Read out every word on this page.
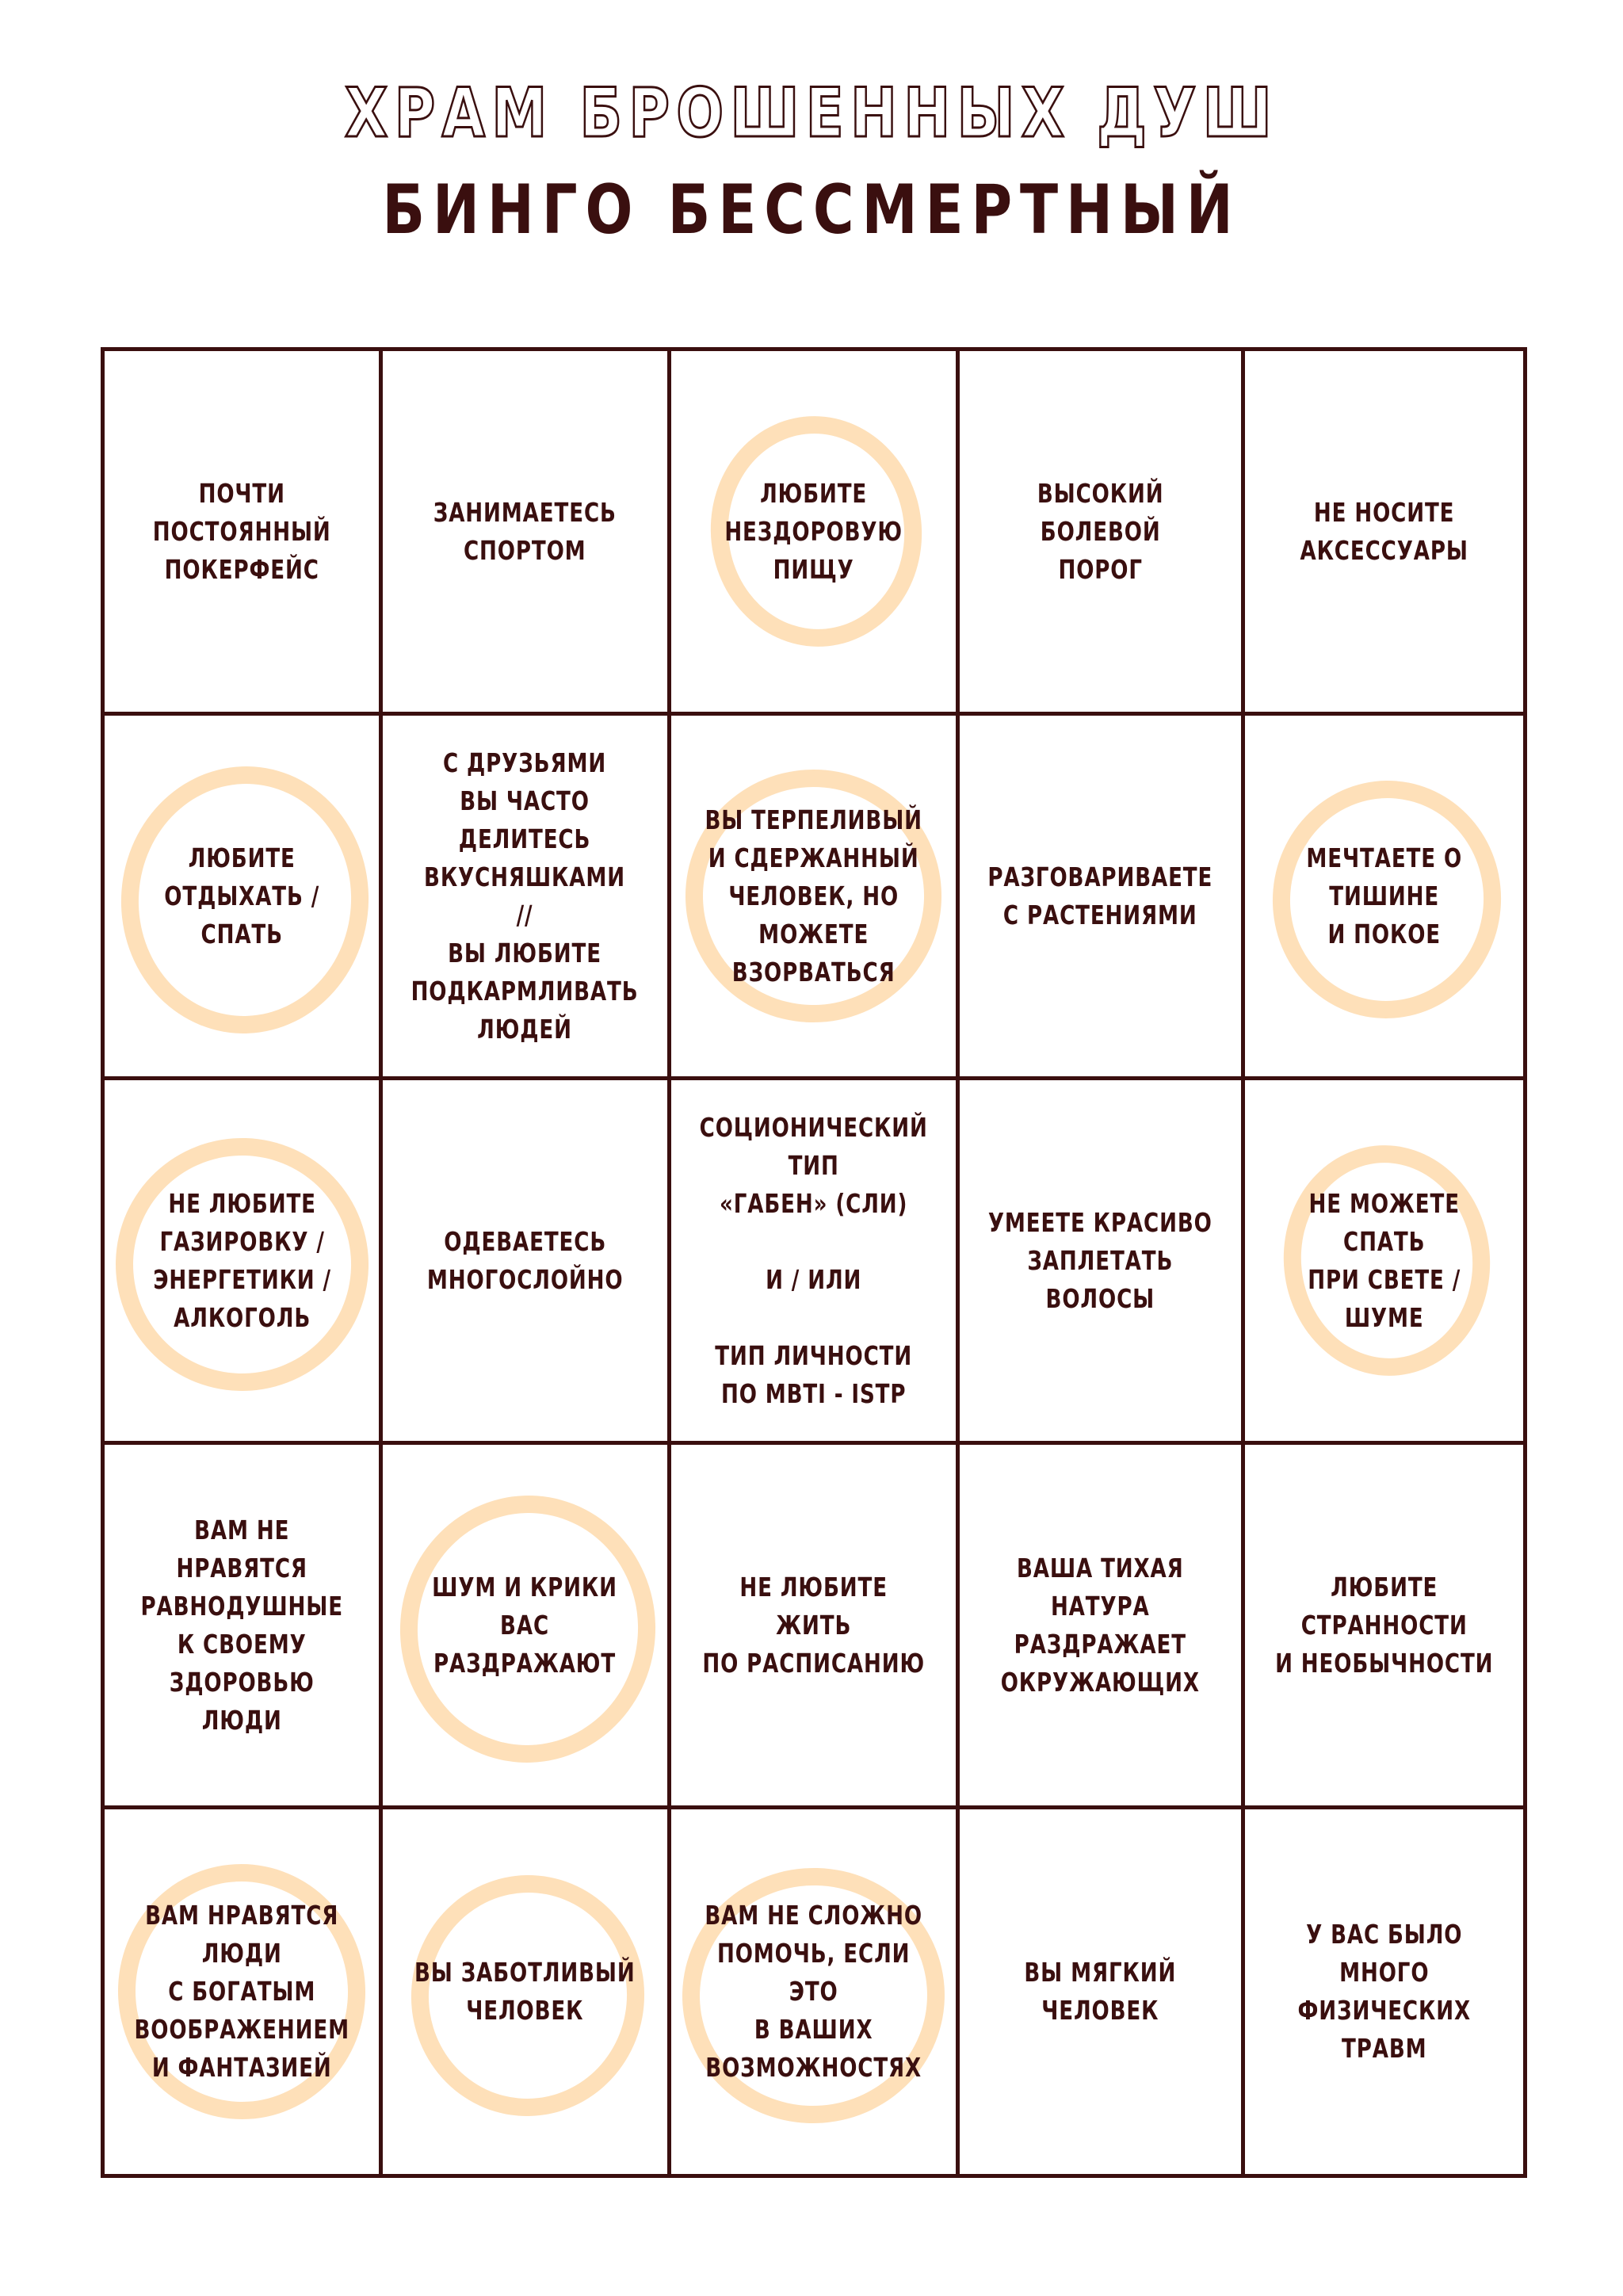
ХРАМ БРОШЕННЫХ ДУШ
БИНГО БЕССМЕРТНЫЙ
ПОЧТИ ПОСТОЯННЫЙ
ПОКЕРФЕЙС
ЗАНИМАЕТЕСЬ
СПОРТОМ
ЛЮБИТЕ
НЕЗДОРОВУЮ
ПИЩУ
ВЫСОКИЙ
БОЛЕВОЙ
ПОРОГ
НЕ НОСИТЕ
АКСЕССУАРЫ
ЛЮБИТЕ
ОТДЫХАТЬ / СПАТЬ
С ДРУЗЬЯМИ
ВЫ ЧАСТО ДЕЛИТЕСЬ
ВКУСНЯШКАМИ
//
ВЫ ЛЮБИТЕ
ПОДКАРМЛИВАТЬ
ЛЮДЕЙ
ВЫ ТЕРПЕЛИВЫЙ
И СДЕРЖАННЫЙ
ЧЕЛОВЕК, НО МОЖЕТЕ
ВЗОРВАТЬСЯ
РАЗГОВАРИВАЕТЕ
С РАСТЕНИЯМИ
МЕЧТАЕТЕ О ТИШИНЕ
И ПОКОЕ
НЕ ЛЮБИТЕ
ГАЗИРОВКУ /
ЭНЕРГЕТИКИ /
АЛКОГОЛЬ
ОДЕВАЕТЕСЬ
МНОГОСЛОЙНО
СОЦИОНИЧЕСКИЙ ТИП
«ГАБЕН» (СЛИ)

И / ИЛИ

ТИП ЛИЧНОСТИ
ПО MBTI - ISTP
УМЕЕТЕ КРАСИВО
ЗАПЛЕТАТЬ ВОЛОСЫ
НЕ МОЖЕТЕ СПАТЬ
ПРИ СВЕТЕ / ШУМЕ
ВАМ НЕ НРАВЯТСЯ
РАВНОДУШНЫЕ
К СВОЕМУ ЗДОРОВЬЮ
ЛЮДИ
ШУМ И КРИКИ
ВАС РАЗДРАЖАЮТ
НЕ ЛЮБИТЕ ЖИТЬ
ПО РАСПИСАНИЮ
ВАША ТИХАЯ НАТУРА
РАЗДРАЖАЕТ
ОКРУЖАЮЩИХ
ЛЮБИТЕ СТРАННОСТИ
И НЕОБЫЧНОСТИ
ВАМ НРАВЯТСЯ ЛЮДИ
С БОГАТЫМ
ВООБРАЖЕНИЕМ
И ФАНТАЗИЕЙ
ВЫ ЗАБОТЛИВЫЙ
ЧЕЛОВЕК
ВАМ НЕ СЛОЖНО
ПОМОЧЬ, ЕСЛИ ЭТО
В ВАШИХ
ВОЗМОЖНОСТЯХ
ВЫ МЯГКИЙ ЧЕЛОВЕК
У ВАС БЫЛО МНОГО
ФИЗИЧЕСКИХ ТРАВМ
